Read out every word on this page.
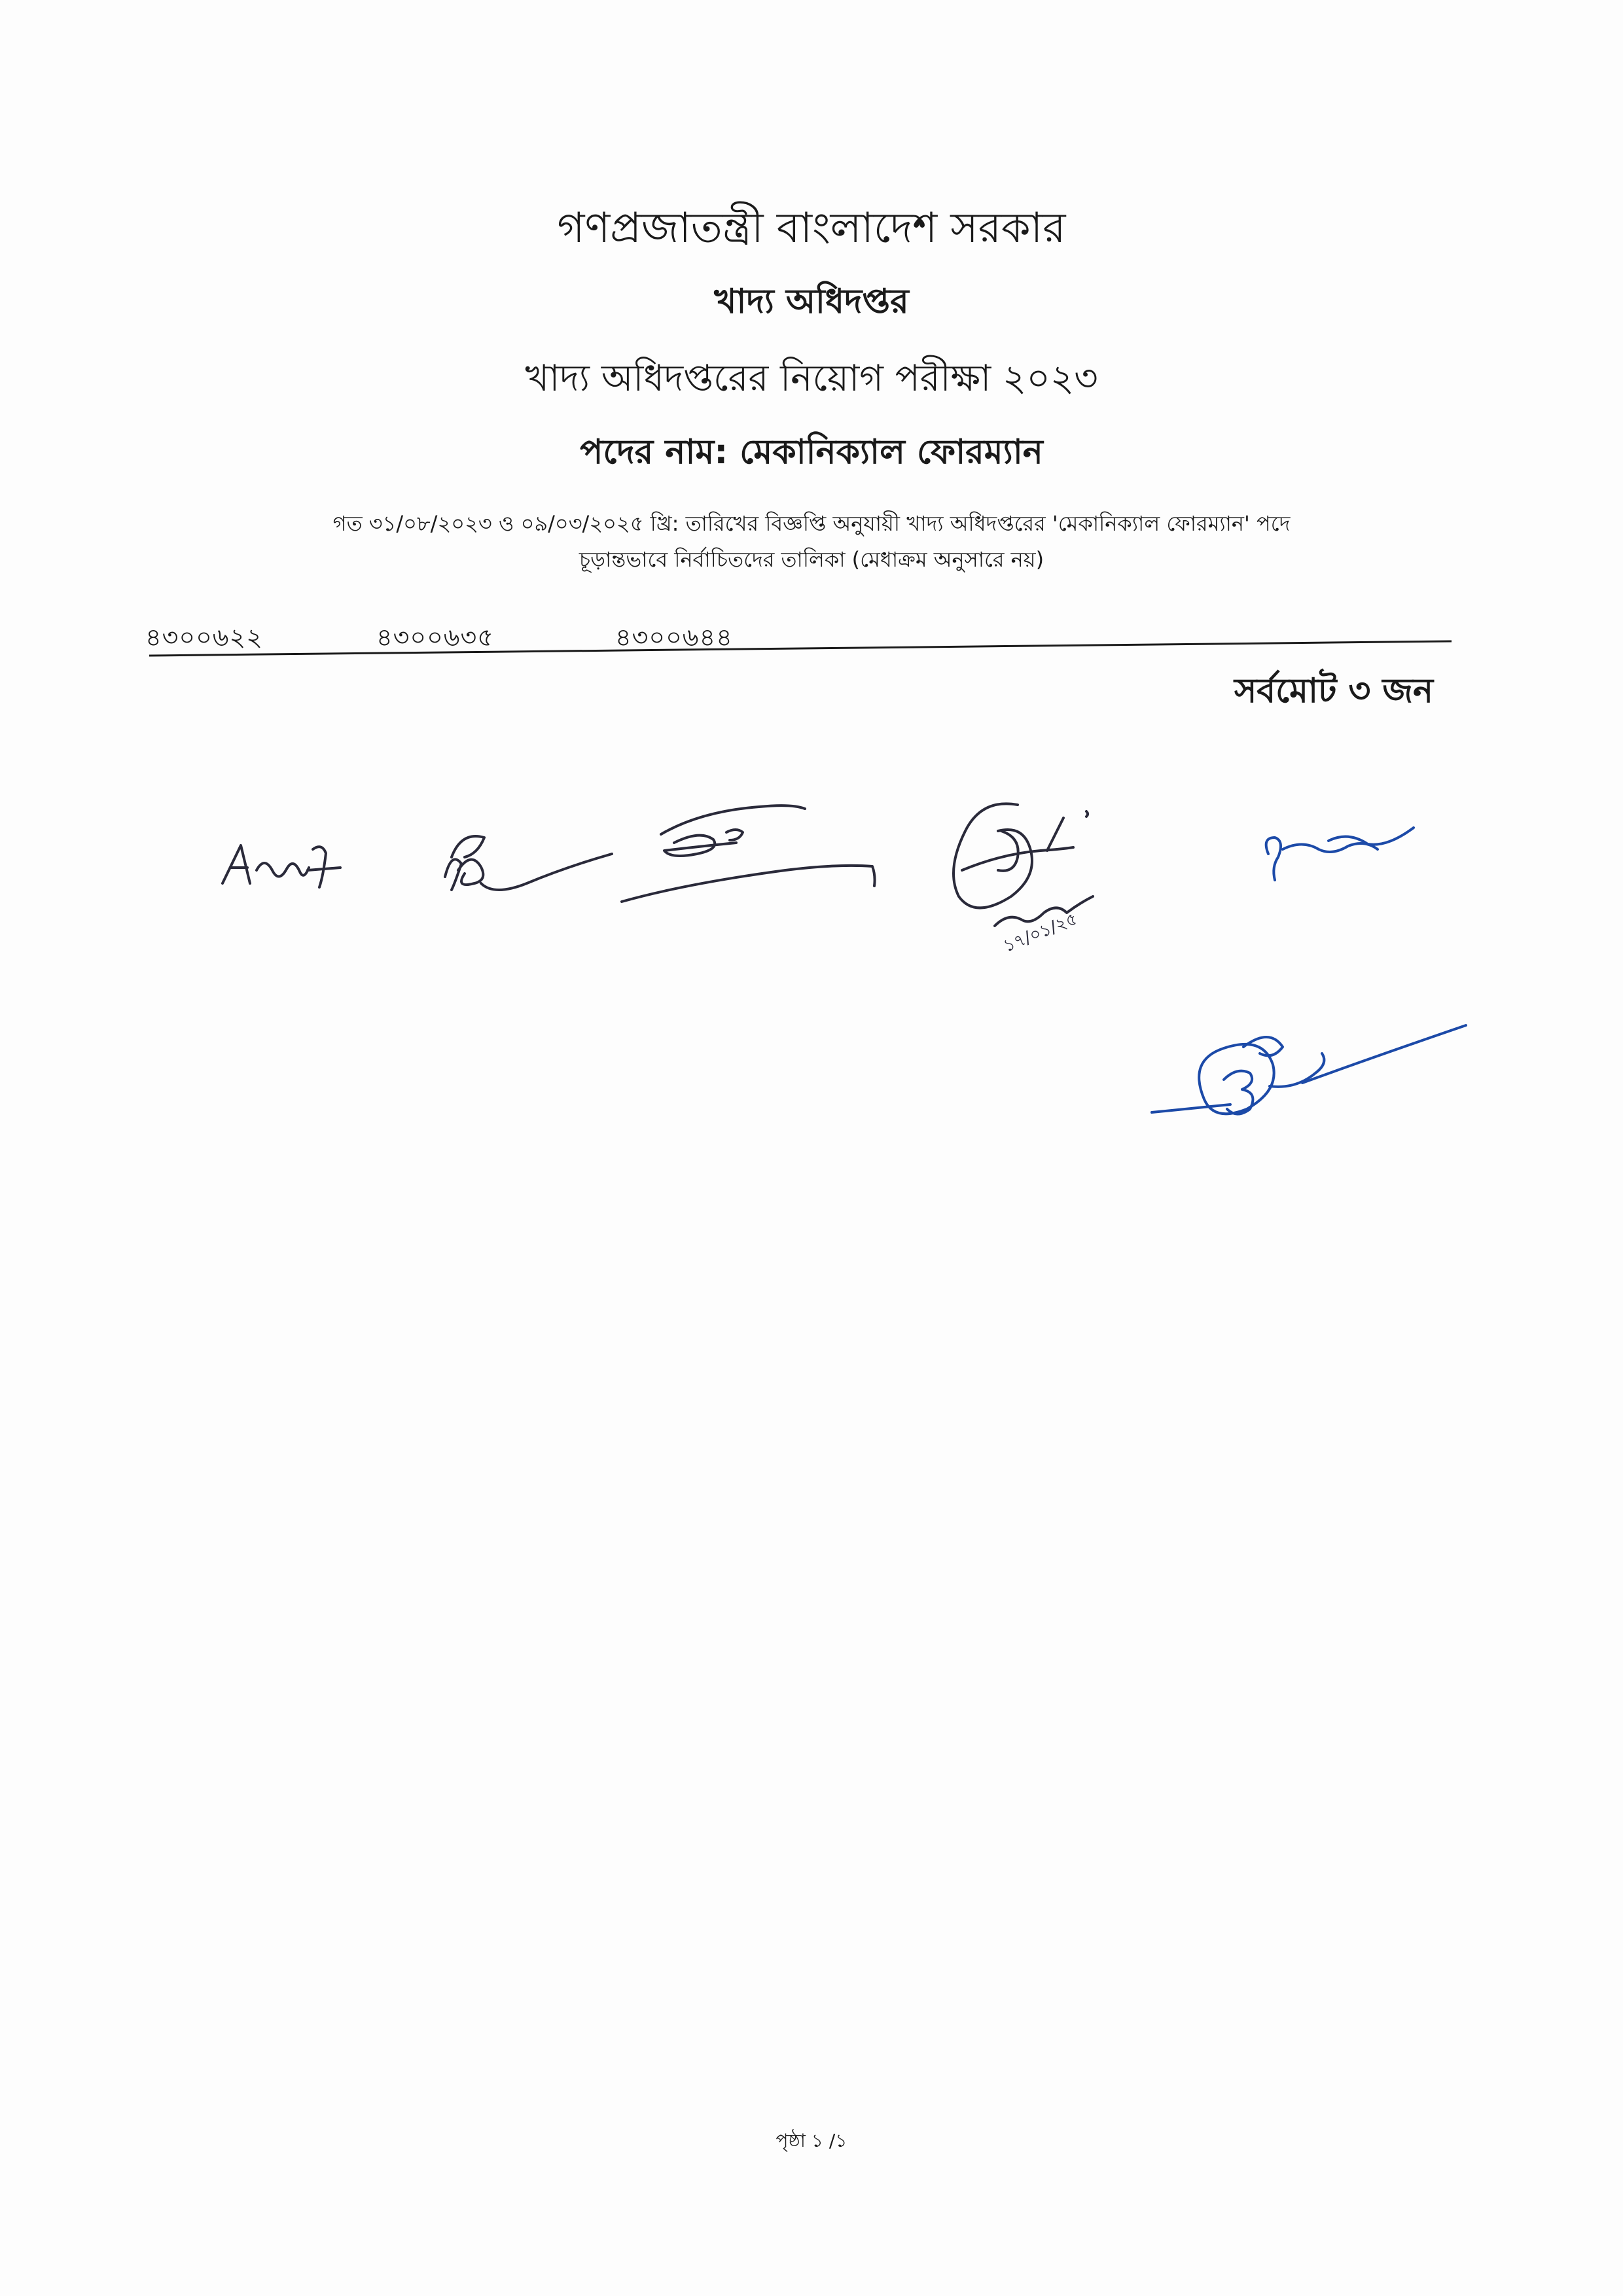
গণপ্রজাতন্ত্রী বাংলাদেশ সরকার
খাদ্য অধিদপ্তর
খাদ্য অধিদপ্তরের নিয়োগ পরীক্ষা ২০২৩
পদের নাম: মেকানিক্যাল ফোরম্যান
গত ৩১/০৮/২০২৩ ও ০৯/০৩/২০২৫ খ্রি: তারিখের বিজ্ঞপ্তি অনুযায়ী খাদ্য অধিদপ্তরের 'মেকানিক্যাল ফোরম্যান' পদে
চূড়ান্তভাবে নির্বাচিতদের তালিকা (মেধাক্রম অনুসারে নয়)
৪৩০০৬২২	৪৩০০৬৩৫	৪৩০০৬৪৪
সর্বমোট ৩ জন
১৭/০১/২৫
পৃষ্ঠা ১ /১
